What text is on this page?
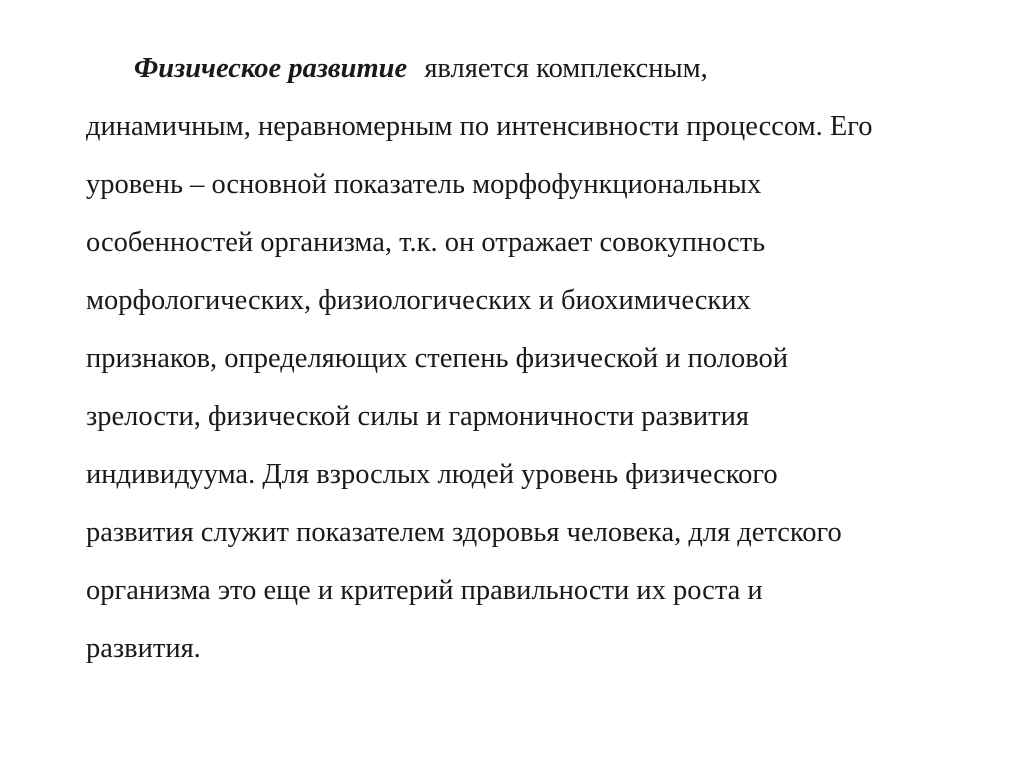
Физическое развитие является комплексным,
динамичным, неравномерным по интенсивности процессом. Его
уровень – основной показатель морфофункциональных
особенностей организма, т.к. он отражает совокупность
морфологических, физиологических и биохимических
признаков, определяющих степень физической и половой
зрелости, физической силы и гармоничности развития
индивидуума. Для взрослых людей уровень физического
развития служит показателем здоровья человека, для детского
организма это еще и критерий правильности их роста и
развития.
